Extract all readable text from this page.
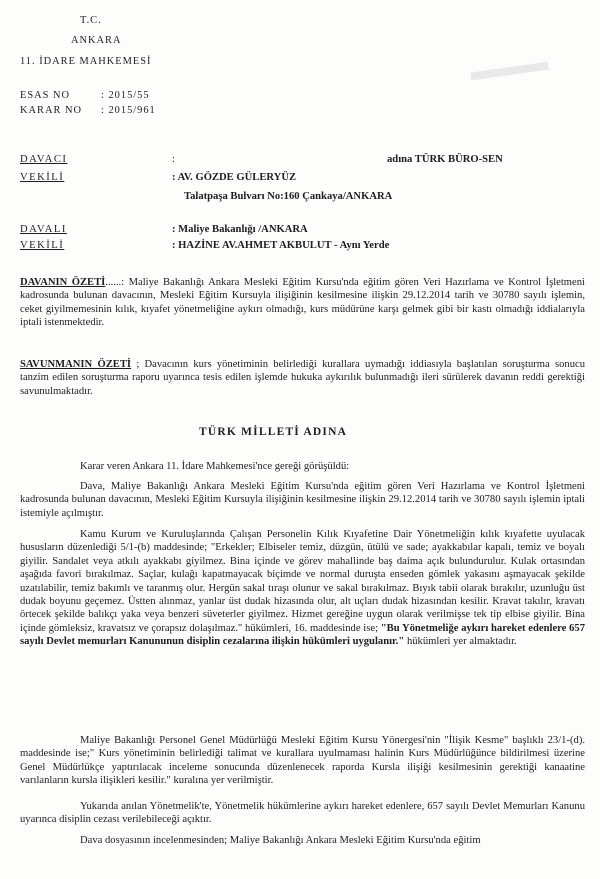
▬▬▬
T.C.
ANKARA
11. İDARE MAHKEMESİ
ESAS NO	: 2015/55
KARAR NO : 2015/961
DAVACI	:	adına TÜRK BÜRO-SEN
VEKİLİ	: AV. GÖZDE GÜLERYÜZ
Talatpaşa Bulvarı No:160 Çankaya/ANKARA
DAVALI	: Maliye Bakanlığı /ANKARA
VEKİLİ	: HAZİNE AV.AHMET AKBULUT - Aynı Yerde
DAVANIN ÖZETİ......: Maliye Bakanlığı Ankara Mesleki Eğitim Kursu'nda eğitim gören Veri Hazırlama ve Kontrol İşletmeni kadrosunda bulunan davacının, Mesleki Eğitim Kursuyla ilişiğinin kesilmesine ilişkin 29.12.2014 tarih ve 30780 sayılı işlemin, ceket giyilmemesinin kılık, kıyafet yönetmeliğine aykırı olmadığı, kurs müdürüne karşı gelmek gibi bir kastı olmadığı iddialarıyla iptali istenmektedir.
SAVUNMANIN ÖZETİ ; Davacının kurs yönetiminin belirlediği kurallara uymadığı iddiasıyla başlatılan soruşturma sonucu tanzim edilen soruşturma raporu uyarınca tesis edilen işlemde hukuka aykırılık bulunmadığı ileri sürülerek davanın reddi gerektiği savunulmaktadır.
TÜRK MİLLETİ ADINA
Karar veren Ankara 11. İdare Mahkemesi'nce gereği görüşüldü:
Dava, Maliye Bakanlığı Ankara Mesleki Eğitim Kursu'nda eğitim gören Veri Hazırlama ve Kontrol İşletmeni kadrosunda bulunan davacının, Mesleki Eğitim Kursuyla ilişiğinin kesilmesine ilişkin 29.12.2014 tarih ve 30780 sayılı işlemin iptali istemiyle açılmıştır.
Kamu Kurum ve Kuruluşlarında Çalışan Personelin Kılık Kıyafetine Dair Yönetmeliğin kılık kıyafette uyulacak hususların düzenlediği 5/1-(b) maddesinde; "Erkekler; Elbiseler temiz, düzgün, ütülü ve sade; ayakkabılar kapalı, temiz ve boyalı giyilir. Sandalet veya atkılı ayakkabı giyilmez. Bina içinde ve görev mahallinde baş daima açık bulundurulur. Kulak ortasından aşağıda favori bırakılmaz. Saçlar, kulağı kapatmayacak biçimde ve normal duruşta enseden gömlek yakasını aşmayacak şekilde uzatılabilir, temiz bakımlı ve taranmış olur. Hergün sakal tıraşı olunur ve sakal bırakılmaz. Bıyık tabii olarak bırakılır, uzunluğu üst dudak boyunu geçemez. Üstten alınmaz, yanlar üst dudak hizasında olur, alt uçları dudak hizasından kesilir. Kravat takılır, kravatı örtecek şekilde balıkçı yaka veya benzeri süveterler giyilmez. Hizmet gereğine uygun olarak verilmişse tek tip elbise giyilir. Bina içinde gömleksiz, kravatsız ve çorapsız dolaşılmaz." hükümleri, 16. maddesinde ise; "Bu Yönetmeliğe aykırı hareket edenlere 657 sayılı Devlet memurları Kanununun disiplin cezalarına ilişkin hükümleri uygulanır." hükümleri yer almaktadır.
Maliye Bakanlığı Personel Genel Müdürlüğü Mesleki Eğitim Kursu Yönergesi'nin "İlişik Kesme" başlıklı 23/1-(d). maddesinde ise;" Kurs yönetiminin belirlediği talimat ve kurallara uyulmaması halinin Kurs Müdürlüğünce bildirilmesi üzerine Genel Müdürlükçe yaptırılacak inceleme sonucunda düzenlenecek raporda Kursla ilişiği kesilmesinin gerektiği kanaatine varılanların kursla ilişikleri kesilir." kuralına yer verilmiştir.
Yukarıda anılan Yönetmelik'te, Yönetmelik hükümlerine aykırı hareket edenlere, 657 sayılı Devlet Memurları Kanunu uyarınca disiplin cezası verilebileceği açıktır.
Dava dosyasının incelenmesinden; Maliye Bakanlığı Ankara Mesleki Eğitim Kursu'nda eğitim
